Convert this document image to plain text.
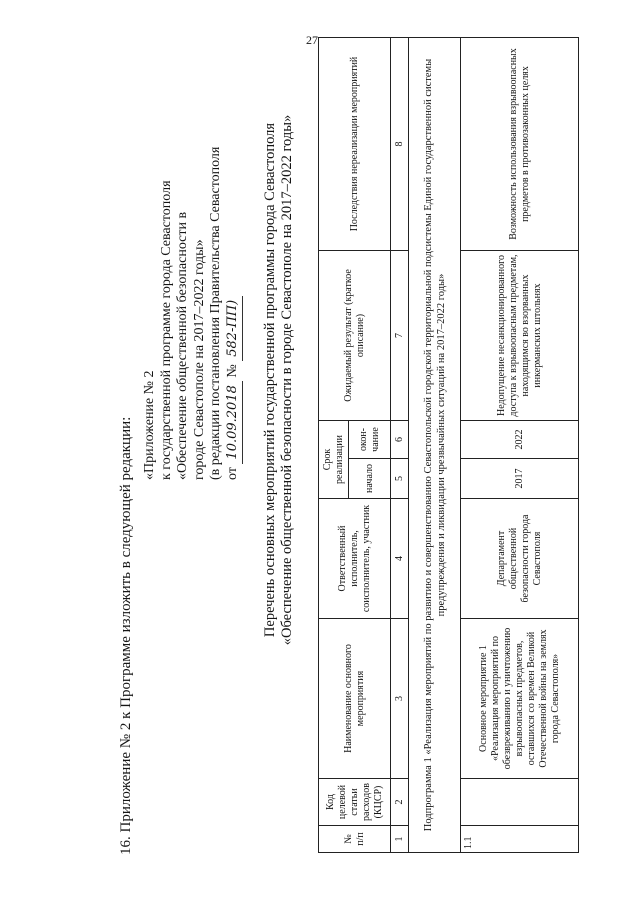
27
16. Приложение № 2 к Программе изложить в следующей редакции: «Приложение № 2 к государственной программе города Севастополя «Обеспечение общественной безопасности в городе Севастополе на 2017–2022 годы» (в редакции постановления Правительства Севастополя от 10.09.2018 № 582-ПП) Перечень основных мероприятий государственной программы города Севастополя «Обеспечение общественной безопасности в городе Севастополе на 2017–2022 годы»
№ п/п	Код целевой статьи расходов (КЦСР)	Наименование основного мероприятия	Ответственный исполнитель, соисполнитель, участник	Срок реализации		Ожидаемый результат (краткое описание)	Последствия нереализации мероприятий
				начало	окон-чание		
1	2	3	4	5	6	7	8
Подпрограмма 1 «Реализация мероприятий по развитию и совершенствованию Севастопольской городской территориальной подсистемы Единой государственной системы предупреждения и ликвидации чрезвычайных ситуаций на 2017–2022 годы»							
1.1		Основное мероприятие 1 «Реализация мероприятий по обезвреживанию и уничтожению взрывоопасных предметов, оставшихся со времен Великой Отечественной войны на землях города Севастополя»	Департамент общественной безопасности города Севастополя	2017	2022	Недопущение несанкционированного доступа к взрывоопасным предметам, находящимся во взорванных инкерманских штольнях	Возможность использования взрывоопасных предметов в противозаконных целях
